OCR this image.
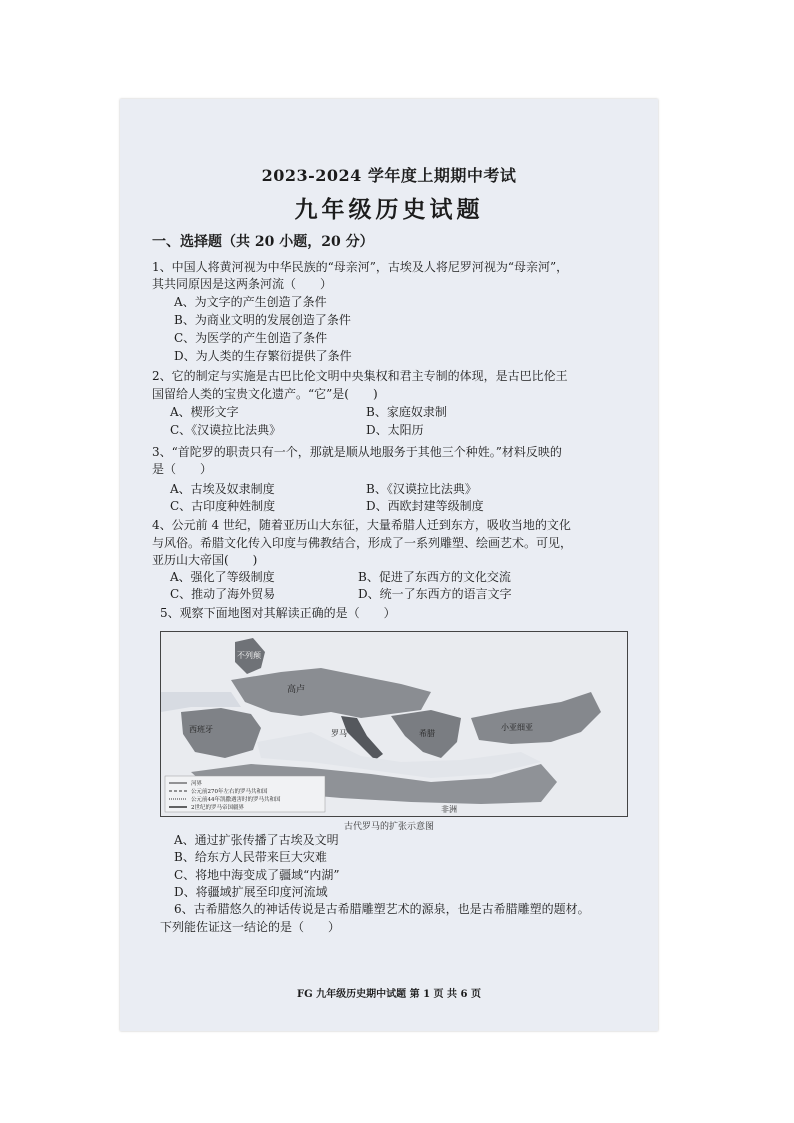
2023-2024 学年度上期期中考试
九年级历史试题
一、选择题（共 20 小题，20 分）
1、中国人将黄河视为中华民族的“母亲河”，古埃及人将尼罗河视为“母亲河”，
其共同原因是这两条河流（　　）
A、为文字的产生创造了条件
B、为商业文明的发展创造了条件
C、为医学的产生创造了条件
D、为人类的生存繁衍提供了条件
2、它的制定与实施是古巴比伦文明中央集权和君主专制的体现，是古巴比伦王
国留给人类的宝贵文化遗产。“它”是(　　)
A、楔形文字	B、家庭奴隶制
C、《汉谟拉比法典》	D、太阳历
3、“首陀罗的职责只有一个，那就是顺从地服务于其他三个种姓。”材料反映的
是（　　）
A、古埃及奴隶制度	B、《汉谟拉比法典》
C、古印度种姓制度	D、西欧封建等级制度
4、公元前 4 世纪，随着亚历山大东征，大量希腊人迁到东方，吸收当地的文化
与风俗。希腊文化传入印度与佛教结合，形成了一系列雕塑、绘画艺术。可见，
亚历山大帝国(　　)
A、强化了等级制度	B、促进了东西方的文化交流
C、推动了海外贸易	D、统一了东西方的语言文字
5、观察下面地图对其解读正确的是（　　）
河界
公元前270年左右的罗马共和国
公元前44年凯撒遇害时的罗马共和国
2世纪的罗马帝国疆界
不列颠
高卢
西班牙	罗马	希腊
小亚细亚
非洲
古代罗马的扩张示意图
A、通过扩张传播了古埃及文明
B、给东方人民带来巨大灾难
C、将地中海变成了疆域“内湖”
D、将疆域扩展至印度河流域
6、古希腊悠久的神话传说是古希腊雕塑艺术的源泉，也是古希腊雕塑的题材。
下列能佐证这一结论的是（　　）
FG 九年级历史期中试题 第 1 页 共 6 页
